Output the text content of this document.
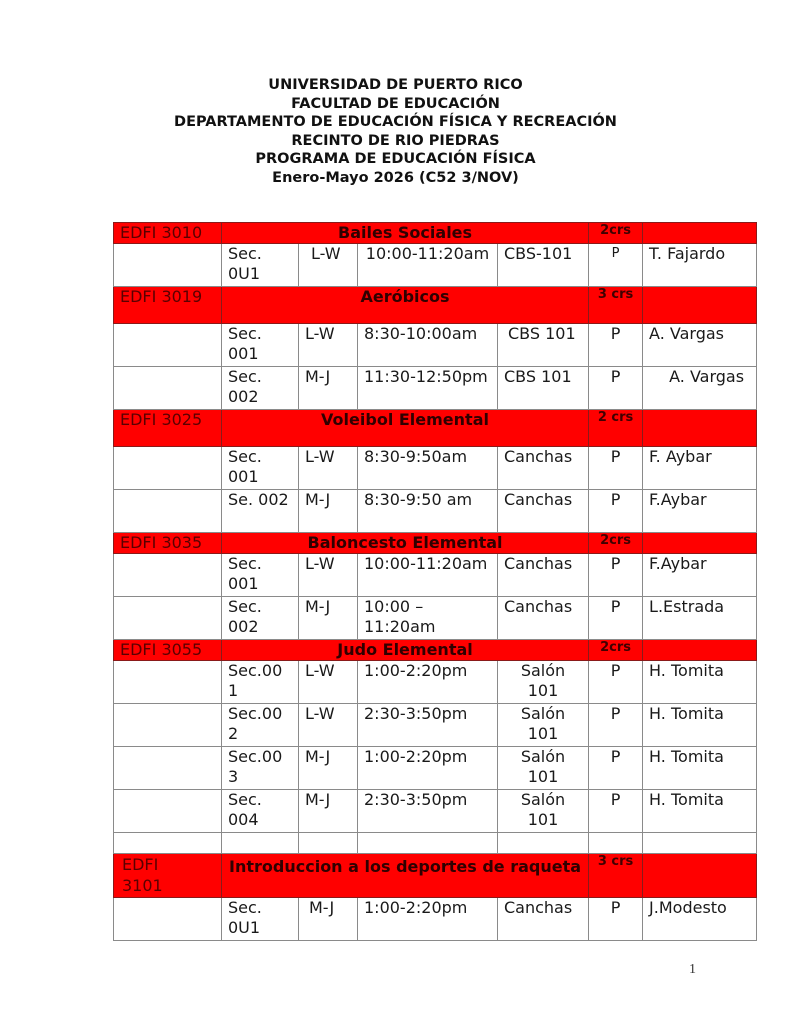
UNIVERSIDAD DE PUERTO RICO
FACULTAD DE EDUCACIÓN
DEPARTAMENTO DE EDUCACIÓN FÍSICA Y RECREACIÓN
RECINTO DE RIO PIEDRAS
PROGRAMA DE EDUCACIÓN FÍSICA
Enero-Mayo 2026 (C52 3/NOV)
EDFI 3010	Bailes Sociales				2crs	
	Sec. 0U1	L-W	10:00-11:20am	CBS-101	P	T. Fajardo
EDFI 3019	Aeróbicos				3 crs	
	Sec. 001	L-W	8:30-10:00am	CBS 101	P	A. Vargas
	Sec. 002	M-J	11:30-12:50pm	CBS 101	P	A. Vargas
EDFI 3025	Voleibol Elemental				2 crs	
	Sec. 001	L-W	8:30-9:50am	Canchas	P	F. Aybar
	Se. 002	M-J	8:30-9:50 am	Canchas	P	F.Aybar
EDFI 3035	Baloncesto Elemental				2crs	
	Sec. 001	L-W	10:00-11:20am	Canchas	P	F.Aybar
	Sec. 002	M-J	10:00 – 11:20am	Canchas	P	L.Estrada
EDFI 3055	Judo Elemental				2crs	
	Sec.001	L-W	1:00-2:20pm	Salón 101	P	H. Tomita
	Sec.002	L-W	2:30-3:50pm	Salón 101	P	H. Tomita
	Sec.003	M-J	1:00-2:20pm	Salón 101	P	H. Tomita
	Sec. 004	M-J	2:30-3:50pm	Salón 101	P	H. Tomita

EDFI 3101	Introduccion a los deportes de raqueta				3 crs	
	Sec. 0U1	M-J	1:00-2:20pm	Canchas	P	J.Modesto
1
